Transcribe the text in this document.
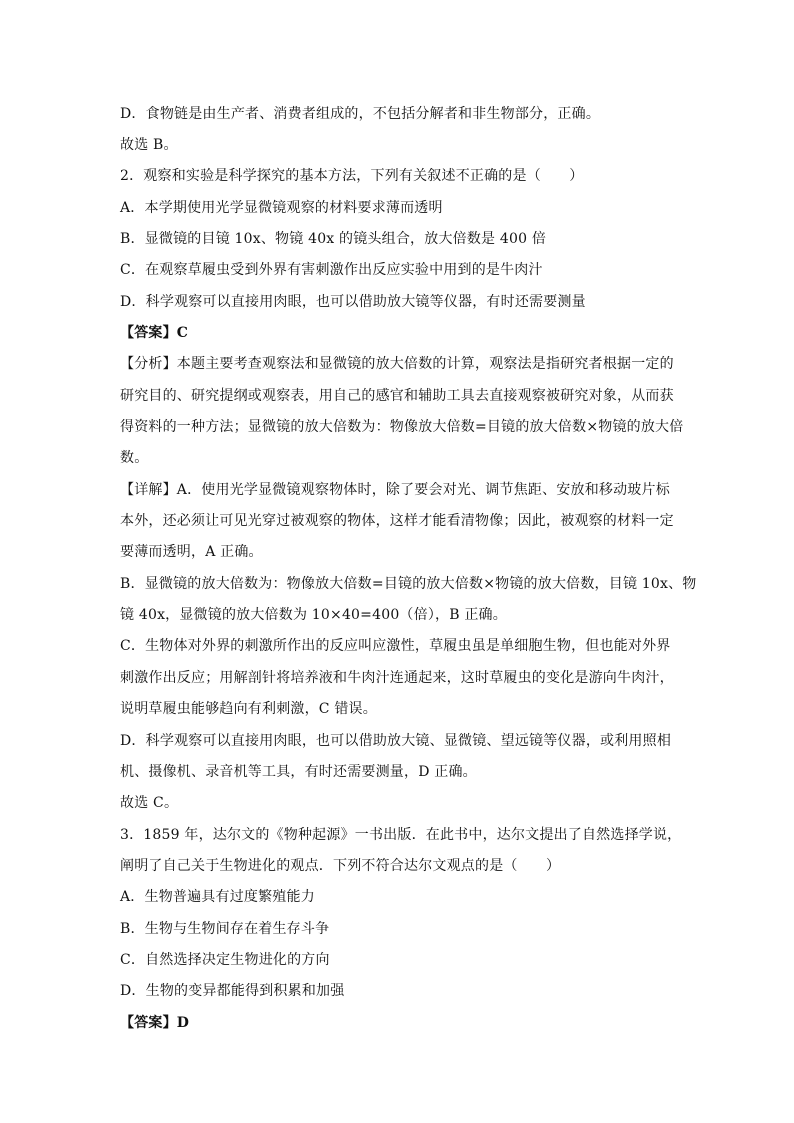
D．食物链是由生产者、消费者组成的，不包括分解者和非生物部分，正确。
故选 B。
2．观察和实验是科学探究的基本方法，下列有关叙述不正确的是（　　）
A．本学期使用光学显微镜观察的材料要求薄而透明
B．显微镜的目镜 10x、物镜 40x 的镜头组合，放大倍数是 400 倍
C．在观察草履虫受到外界有害刺激作出反应实验中用到的是牛肉汁
D．科学观察可以直接用肉眼，也可以借助放大镜等仪器，有时还需要测量
【答案】C
【分析】本题主要考查观察法和显微镜的放大倍数的计算，观察法是指研究者根据一定的
研究目的、研究提纲或观察表，用自己的感官和辅助工具去直接观察被研究对象，从而获
得资料的一种方法；显微镜的放大倍数为：物像放大倍数=目镜的放大倍数×物镜的放大倍
数。
【详解】A．使用光学显微镜观察物体时，除了要会对光、调节焦距、安放和移动玻片标
本外，还必须让可见光穿过被观察的物体，这样才能看清物像；因此，被观察的材料一定
要薄而透明，A 正确。
B．显微镜的放大倍数为：物像放大倍数=目镜的放大倍数×物镜的放大倍数，目镜 10x、物
镜 40x，显微镜的放大倍数为 10×40=400（倍），B 正确。
C．生物体对外界的刺激所作出的反应叫应激性，草履虫虽是单细胞生物，但也能对外界
刺激作出反应；用解剖针将培养液和牛肉汁连通起来，这时草履虫的变化是游向牛肉汁，
说明草履虫能够趋向有利刺激，C 错误。
D．科学观察可以直接用肉眼，也可以借助放大镜、显微镜、望远镜等仪器，或利用照相
机、摄像机、录音机等工具，有时还需要测量，D 正确。
故选 C。
3．1859 年，达尔文的《物种起源》一书出版．在此书中，达尔文提出了自然选择学说，
阐明了自己关于生物进化的观点．下列不符合达尔文观点的是（　　）
A．生物普遍具有过度繁殖能力
B．生物与生物间存在着生存斗争
C．自然选择决定生物进化的方向
D．生物的变异都能得到积累和加强
【答案】D
